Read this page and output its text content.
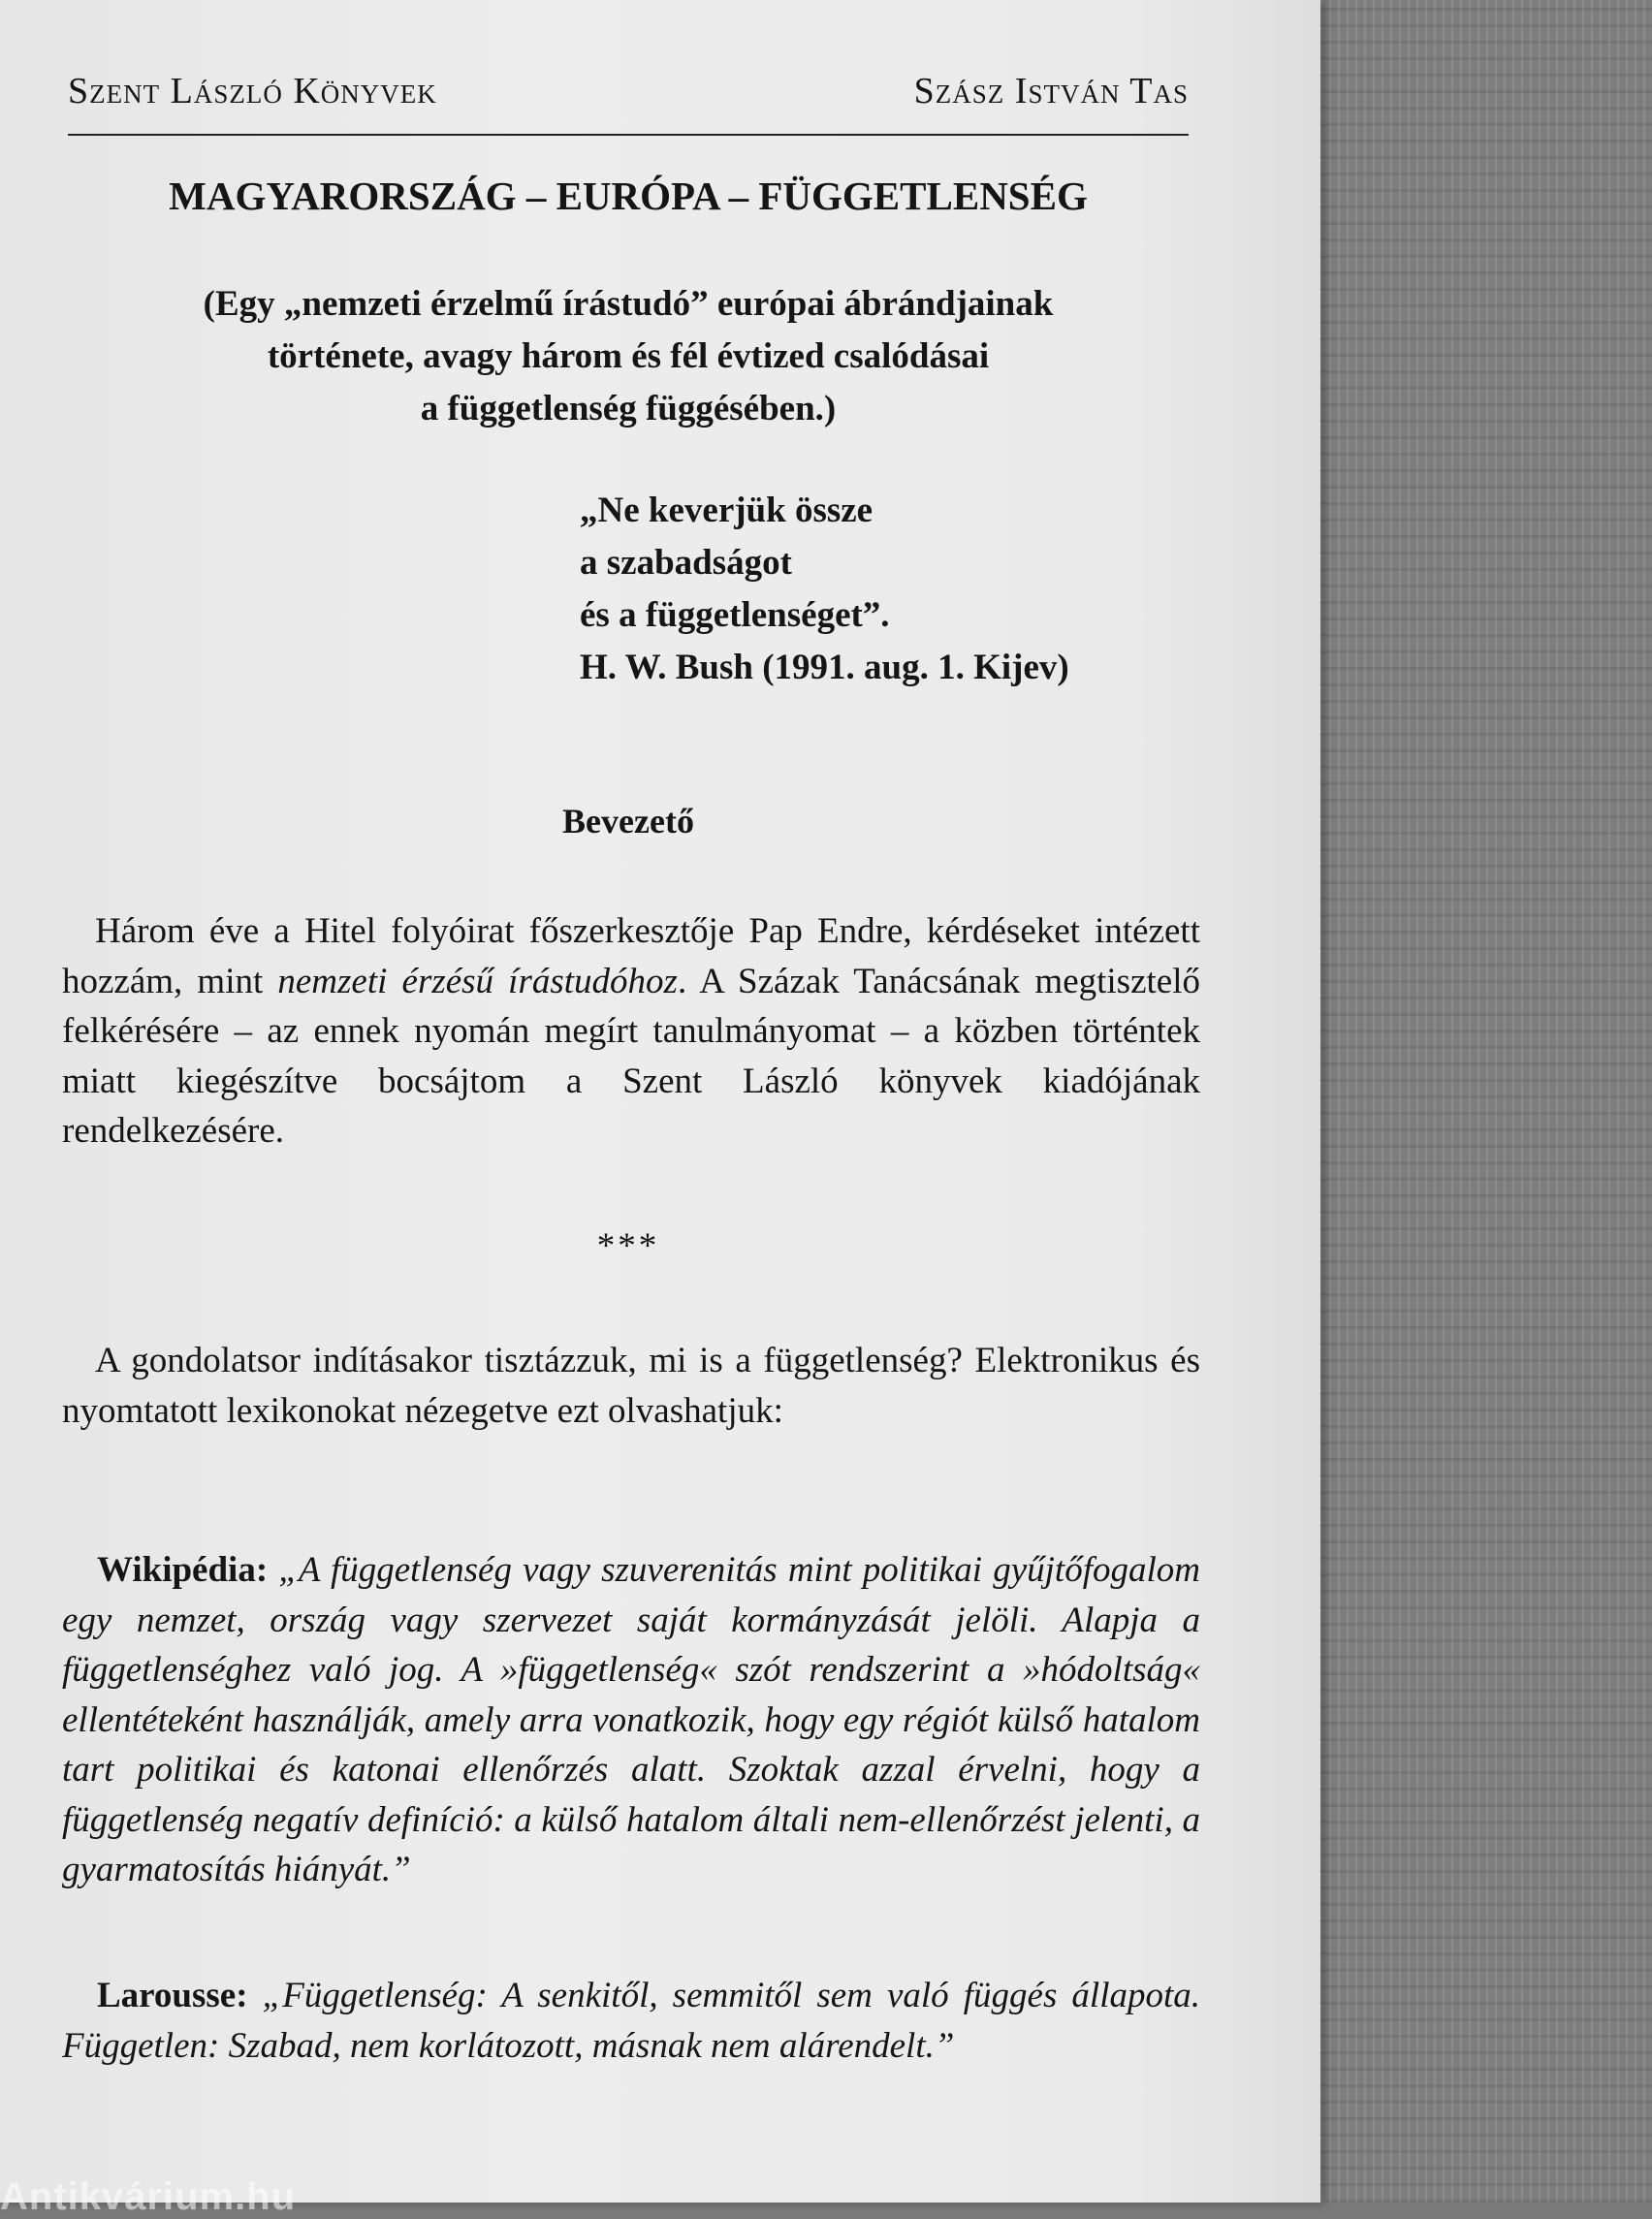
Szent László Könyvek	Szász István Tas
MAGYARORSZÁG – EURÓPA – FÜGGETLENSÉG
(Egy „nemzeti érzelmű írástudó” európai ábrándjainak
története, avagy három és fél évtized csalódásai
a függetlenség függésében.)
„Ne keverjük össze
a szabadságot
és a függetlenséget”.
H. W. Bush (1991. aug. 1. Kijev)
Bevezető
Három éve a Hitel folyóirat főszerkesztője Pap Endre, kérdéseket intézett hozzám, mint nemzeti érzésű írástudóhoz. A Százak Tanácsának megtisztelő felkérésére – az ennek nyomán megírt tanulmányomat – a közben történtek miatt kiegészítve bocsájtom a Szent László könyvek kiadójának rendelkezésére.
***
A gondolatsor indításakor tisztázzuk, mi is a függetlenség? Elektronikus és nyomtatott lexikonokat nézegetve ezt olvashatjuk:
Wikipédia: „A függetlenség vagy szuverenitás mint politikai gyűjtőfogalom egy nemzet, ország vagy szervezet saját kormányzását jelöli. Alapja a függetlenséghez való jog. A »függetlenség« szót rendszerint a »hódoltság« ellentéteként használják, amely arra vonatkozik, hogy egy régiót külső hatalom tart politikai és katonai ellenőrzés alatt. Szoktak azzal érvelni, hogy a függetlenség negatív definíció: a külső hatalom általi nem-ellenőrzést jelenti, a gyarmatosítás hiányát.”
Larousse: „Függetlenség: A senkitől, semmitől sem való függés állapota. Független: Szabad, nem korlátozott, másnak nem alárendelt.”
Antikvárium.hu
